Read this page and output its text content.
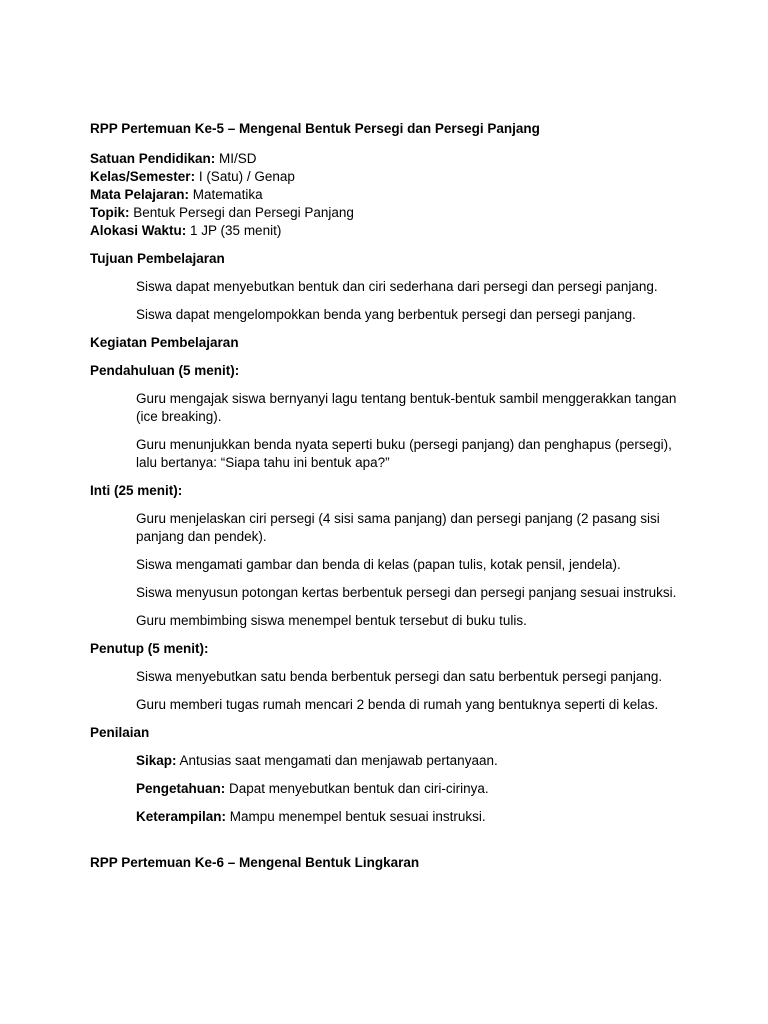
RPP Pertemuan Ke-5 – Mengenal Bentuk Persegi dan Persegi Panjang
Satuan Pendidikan: MI/SD
Kelas/Semester: I (Satu) / Genap
Mata Pelajaran: Matematika
Topik: Bentuk Persegi dan Persegi Panjang
Alokasi Waktu: 1 JP (35 menit)
Tujuan Pembelajaran
Siswa dapat menyebutkan bentuk dan ciri sederhana dari persegi dan persegi panjang.
Siswa dapat mengelompokkan benda yang berbentuk persegi dan persegi panjang.
Kegiatan Pembelajaran
Pendahuluan (5 menit):
Guru mengajak siswa bernyanyi lagu tentang bentuk-bentuk sambil menggerakkan tangan (ice breaking).
Guru menunjukkan benda nyata seperti buku (persegi panjang) dan penghapus (persegi), lalu bertanya: “Siapa tahu ini bentuk apa?”
Inti (25 menit):
Guru menjelaskan ciri persegi (4 sisi sama panjang) dan persegi panjang (2 pasang sisi panjang dan pendek).
Siswa mengamati gambar dan benda di kelas (papan tulis, kotak pensil, jendela).
Siswa menyusun potongan kertas berbentuk persegi dan persegi panjang sesuai instruksi.
Guru membimbing siswa menempel bentuk tersebut di buku tulis.
Penutup (5 menit):
Siswa menyebutkan satu benda berbentuk persegi dan satu berbentuk persegi panjang.
Guru memberi tugas rumah mencari 2 benda di rumah yang bentuknya seperti di kelas.
Penilaian
Sikap: Antusias saat mengamati dan menjawab pertanyaan.
Pengetahuan: Dapat menyebutkan bentuk dan ciri-cirinya.
Keterampilan: Mampu menempel bentuk sesuai instruksi.
RPP Pertemuan Ke-6 – Mengenal Bentuk Lingkaran
